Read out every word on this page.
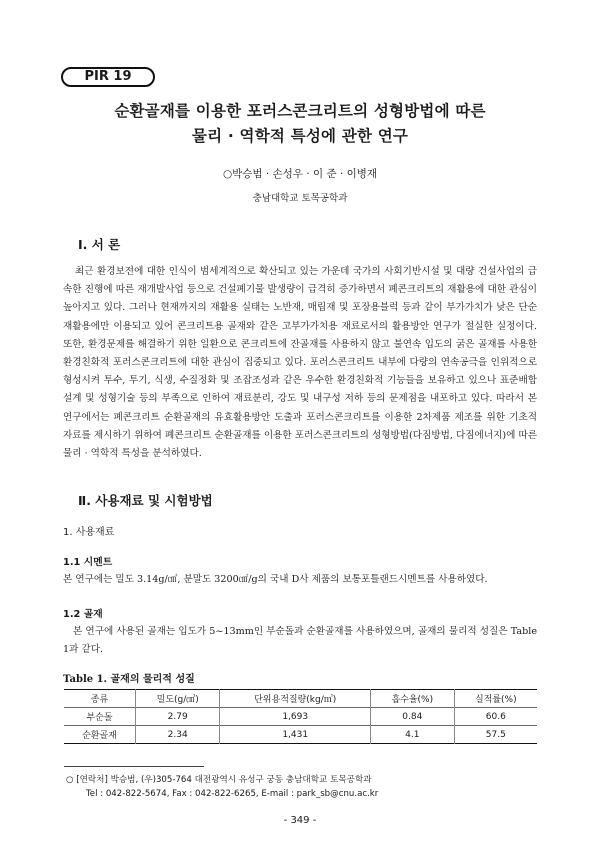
PIR 19
순환골재를 이용한 포러스콘크리트의 성형방법에 따른
물리 · 역학적 특성에 관한 연구
○박승범 · 손성우 · 이 준 · 이병재
충남대학교 토목공학과
Ⅰ. 서 론

최근 환경보전에 대한 인식이 범세계적으로 확산되고 있는 가운데 국가의 사회기반시설 및 대량 건설사업의 급속한 진행에 따른 재개발사업 등으로 건설폐기물 발생량이 급격히 증가하면서 폐콘크리트의 재활용에 대한 관심이 높아지고 있다. 그러나 현재까지의 재활용 실태는 노반재, 매립재 및 포장용블럭 등과 같이 부가가치가 낮은 단순 재활용에만 이용되고 있어 콘크리트용 골재와 같은 고부가가치용 재료로서의 활용방안 연구가 절실한 실정이다. 또한, 환경문제를 해결하기 위한 일환으로 콘크리트에 잔골재를 사용하지 않고 불연속 입도의 굵은 골재를 사용한 환경친화적 포러스콘크리트에 대한 관심이 집중되고 있다. 포러스콘크리트 내부에 다량의 연속공극을 인위적으로 형성시켜 투수, 투기, 식생, 수질정화 및 조잡조성과 같은 우수한 환경친화적 기능들을 보유하고 있으나 표준배합설계 및 성형기술 등의 부족으로 인하여 재료분리, 강도 및 내구성 저하 등의 문제점을 내포하고 있다. 따라서 본 연구에서는 폐콘크리트 순환골재의 유효활용방안 도출과 포러스콘크리트를 이용한 2차제품 제조를 위한 기초적 자료를 제시하기 위하여 폐콘크리트 순환골재를 이용한 포러스콘크리트의 성형방법(다짐방법, 다짐에너지)에 따른 물리 · 역학적 특성을 분석하였다.

Ⅱ. 사용재료 및 시험방법
1. 사용재료
1.1 시멘트

본 연구에는 밀도 3.14g/㎤, 분말도 3200㎠/g의 국내 D사 제품의 보통포틀랜드시멘트를 사용하였다.

1.2 골재

본 연구에 사용된 골재는 입도가 5~13mm인 부순돌과 순환골재를 사용하였으며, 골재의 물리적 성질은 Table 1과 같다.

Table 1. 골재의 물리적 성질
종류	밀도(g/㎤)	단위용적질량(kg/㎥)	흡수율(%)	실적률(%)
부순돌	2.79	1,693	0.84	60.6
순환골재	2.34	1,431	4.1	57.5
○ [연락처] 박승범, (우)305-764 대전광역시 유성구 궁동 충남대학교 토목공학과
Tel : 042-822-5674, Fax : 042-822-6265, E-mail : park_sb@cnu.ac.kr
- 349 -
